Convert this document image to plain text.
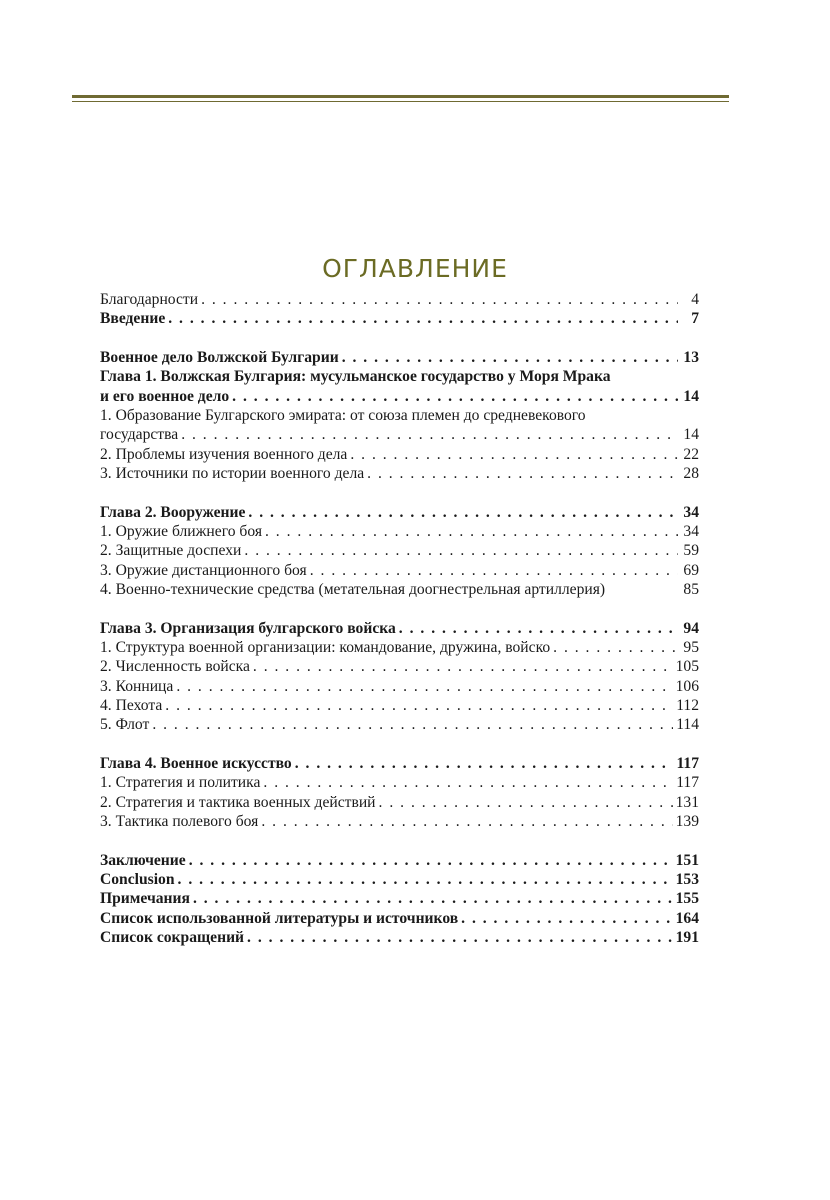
ОГЛАВЛЕНИЕ
Благодарности . . .	4
Введение . . .	7
Военное дело Волжской Булгарии . . .	13
Глава 1. Волжская Булгария: мусульманское государство у Моря Мрака
и его военное дело . . .	14
1. Образование Булгарского эмирата: от союза племен до средневекового
государства . . .	14
2. Проблемы изучения военного дела . . .	22
3. Источники по истории военного дела . . .	28
Глава 2. Вооружение . . .	34
1. Оружие ближнего боя . . .	34
2. Защитные доспехи . . .	59
3. Оружие дистанционного боя . . .	69
4. Военно-технические средства (метательная доогнестрельная артиллерия)	85
Глава 3. Организация булгарского войска . . .	94
1. Структура военной организации: командование, дружина, войско . . .	95
2. Численность войска . . .	105
3. Конница . . .	106
4. Пехота . . .	112
5. Флот . . .	114
Глава 4. Военное искусство . . .	117
1. Стратегия и политика . . .	117
2. Стратегия и тактика военных действий . . .	131
3. Тактика полевого боя . . .	139
Заключение . . .	151
Conclusion . . .	153
Примечания . . .	155
Список использованной литературы и источников . . .	164
Список сокращений . . .	191
